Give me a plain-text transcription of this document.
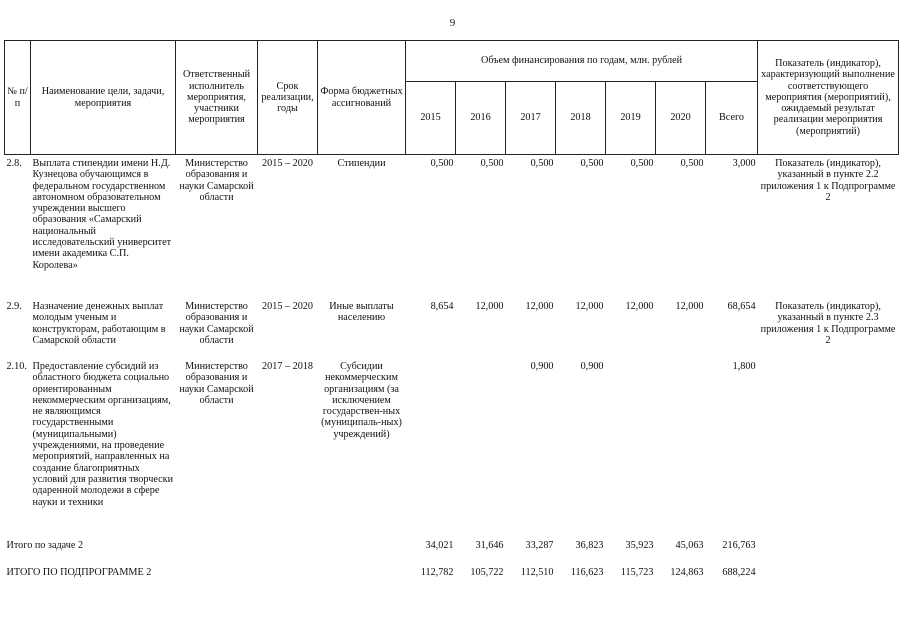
9
№ п/п	Наименование цели, задачи, мероприятия	Ответственный исполнитель мероприятия, участники мероприятия	Срок реализации, годы	Форма бюджетных ассигнований	Объем финансирования по годам, млн. рублей							Показатель (индикатор), характеризующий выполнение соответствующего мероприятия (мероприятий), ожидаемый результат реализации мероприятия (мероприятий)
					2015	2016	2017	2018	2019	2020	Всего	
2.8.	Выплата стипендии имени Н.Д. Кузнецова обучающимся в федеральном государственном автономном образовательном учреждении высшего образования «Самарский национальный исследовательский университет имени академика С.П. Королева»	Министерство образования и науки Самарской области	2015 – 2020	Стипендии	0,500	0,500	0,500	0,500	0,500	0,500	3,000	Показатель (индикатор), указанный в пункте 2.2 приложения 1 к Подпрограмме 2
2.9.	Назначение денежных выплат молодым ученым и конструкторам, работающим в Самарской области	Министерство образования и науки Самарской области	2015 – 2020	Иные выплаты населению	8,654	12,000	12,000	12,000	12,000	12,000	68,654	Показатель (индикатор), указанный в пункте 2.3 приложения 1 к Подпрограмме 2
2.10.	Предоставление субсидий из областного бюджета социально ориентированным некоммерческим организациям, не являющимся государственными (муниципальными) учреждениями, на проведение мероприятий, направленных на создание благоприятных условий для развития творчески одаренной молодежи в сфере науки и техники	Министерство образования и науки Самарской области	2017 – 2018	Субсидии некоммерческим организациям (за исключением государствен-ных (муниципаль-ных) учреждений)			0,900	0,900			1,800	
Итого по задаче 2					34,021	31,646	33,287	36,823	35,923	45,063	216,763	
ИТОГО ПО ПОДПРОГРАММЕ 2					112,782	105,722	112,510	116,623	115,723	124,863	688,224	
